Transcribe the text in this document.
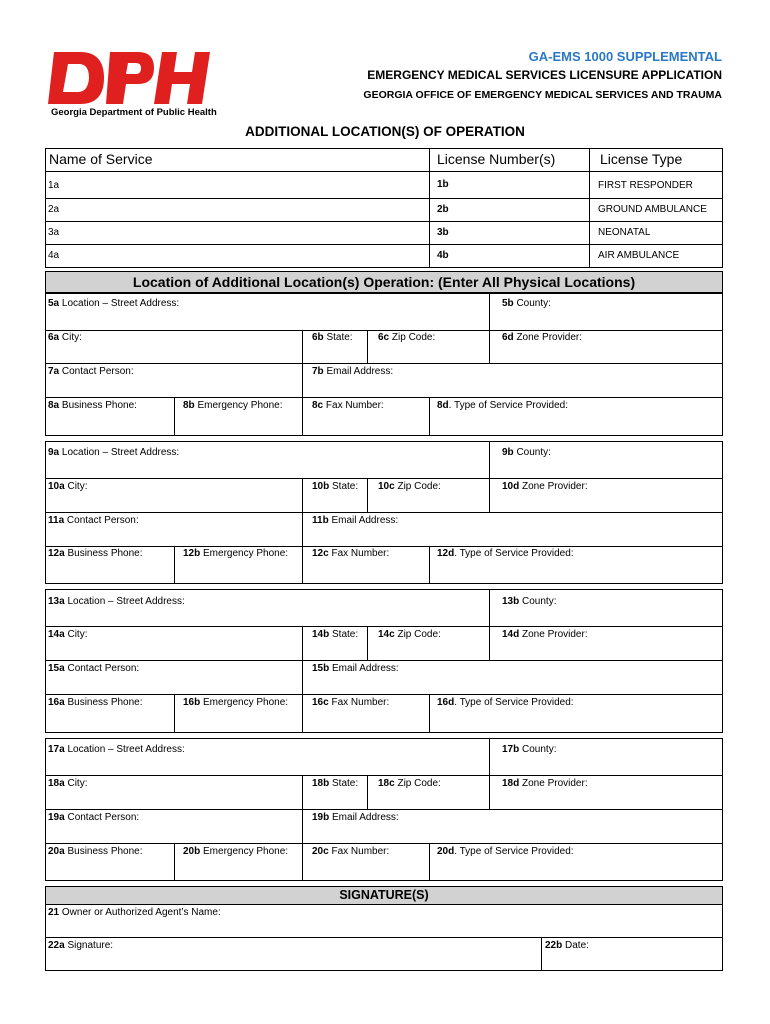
Georgia Department of Public Health
GA-EMS 1000 SUPPLEMENTAL
EMERGENCY MEDICAL SERVICES LICENSURE APPLICATION
GEORGIA OFFICE OF EMERGENCY MEDICAL SERVICES AND TRAUMA
ADDITIONAL LOCATION(S) OF OPERATION
Name of Service	License Number(s)	License Type
1a	1b	FIRST RESPONDER
2a	2b	GROUND AMBULANCE
3a	3b	NEONATAL
4a	4b	AIR AMBULANCE
Location of Additional Location(s) Operation: (Enter All Physical Locations)
5a Location – Street Address:	5b County:
6a City:	6b State:	6c Zip Code:	6d Zone Provider:
7a Contact Person:	7b Email Address:
8a Business Phone:	8b Emergency Phone:	8c Fax Number:	8d. Type of Service Provided:
9a Location – Street Address:	9b County:
10a City:	10b State: 10c Zip Code:	10d Zone Provider:
11a Contact Person:	11b Email Address:
12a Business Phone:	12b Emergency Phone: 12c Fax Number:	12d. Type of Service Provided:
13a Location – Street Address:	13b County:
14a City:	14b State: 14c Zip Code:	14d Zone Provider:
15a Contact Person:	15b Email Address:
16a Business Phone:	16b Emergency Phone: 16c Fax Number:	16d. Type of Service Provided:
17a Location – Street Address:	17b County:
18a City:	18b State: 18c Zip Code:	18d Zone Provider:
19a Contact Person:	19b Email Address:
20a Business Phone:	20b Emergency Phone: 20c Fax Number:	20d. Type of Service Provided:
SIGNATURE(S)
21 Owner or Authorized Agent’s Name:
22a Signature:	22b Date:
